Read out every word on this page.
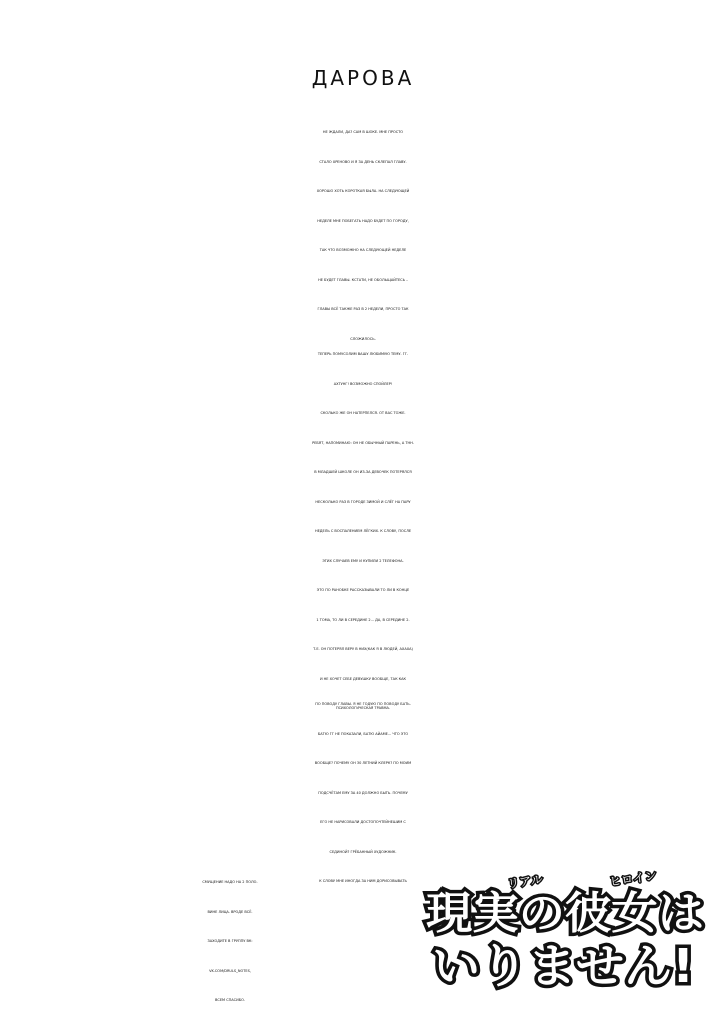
ДАРОВА
НЕ ЖДАЛИ, ДА? САМ В ШОКЕ. МНЕ ПРОСТО
СТАЛО ХРЕНОВО И Я ЗА ДЕНЬ СКЛЕПАЛ ГЛАВУ.
ХОРОШО ХОТЬ КОРОТКАЯ БЫЛА. НА СЛЕДУЮЩЕЙ
НЕДЕЛЕ МНЕ ПОБЕГАТЬ НАДО БУДЕТ ПО ГОРОДУ,
ТАК ЧТО ВОЗМОЖНО НА СЛЕДУЮЩЕЙ НЕДЕЛЕ
НЕ БУДЕТ ГЛАВЫ. КСТАТИ, НЕ ОБОЛЬЩАЙТЕСЬ –
ГЛАВЫ ВСЁ ТАКЖЕ РАЗ В 2 НЕДЕЛИ, ПРОСТО ТАК
СЛОЖИЛОСЬ.
ТЕПЕРЬ ПОМУСОЛИМ ВАШУ ЛЮБИМУЮ ТЕМУ. ГГ.
АХТУНГ! ВОЗМОЖНО СПОЙЛЕР!
СКОЛЬКО ЖЕ ОН НАТЕРПЕЛСЯ. ОТ ВАС ТОЖЕ.
РЕБЯТ, НАПОМИНАЮ: ОН НЕ ОБЫЧНЫЙ ПАРЕНЬ, А ТНН.
В МЛАДШЕЙ ШКОЛЕ ОН ИЗ-ЗА ДЕВОЧЕК ПОТЕРЯЛСЯ
НЕСКОЛЬКО РАЗ В ГОРОДЕ ЗИМОЙ И СЛЁГ НА ПАРУ
НЕДЕЛЬ С ВОСПАЛЕНИЕМ ЛЁГКИХ. К СЛОВУ, ПОСЛЕ
ЭТИХ СЛУЧАЕВ ЕМУ И КУПИЛИ 2 ТЕЛЕФОНА.
ЭТО ПО РАНОБКЕ РАССКАЗЫВАЛИ ТО ЛИ В КОНЦЕ
1 ТОМА, ТО ЛИ В СЕРЕДИНЕ 2... ДА, В СЕРЕДИНЕ 2.
Т.Е. ОН ПОТЕРЯЛ ВЕРУ В НИХ(КАК Я В ЛЮДЕЙ, АХАХА)
И НЕ ХОЧЕТ СЕБЕ ДЕВУШКУ ВООБЩЕ, ТАК КАК
ПСИХОЛОГИЧЕСКАЯ ТРАВМА.
ПО ПОВОДУ ГЛАВЫ. Я НЕ ГОДУЮ ПО ПОВОДУ БАТЬ.
БАТЮ ГГ НЕ ПОКАЗАЛИ, БАТЮ АЙАМЕ... ЧТО ЭТО
ВООБЩЕ? ПОЧЕМУ ОН 30 ЛЕТНИЙ КЛЕРК? ПО МОИМ
ПОДСЧЁТАМ ЕМУ ЗА 40 ДОЛЖНО БЫТЬ. ПОЧЕМУ
ЕГО НЕ НАРИСОВАЛИ ДОСТОПОЧТЕЙНЕШИМ С
СЕДИНОЙ? ГРЁБАННЫЙ ХУДОЖНИК.
К СЛОВУ МНЕ ИНОГДА ЗА НИМ ДОРИСОВЫВАТЬ
СМУЩЕНИЕ НАДО НА 2 ПОЛО-
ВИНЕ ЛИЦА. ВРОДЕ ВСЁ.
ЗАХОДИТЕ В ГРУППУ ВК:
VK.COM/DRULS_NOTES,
ВСЕМ СПАСИБО.
リアル	ヒロイン
現実の彼女は
いりません!
